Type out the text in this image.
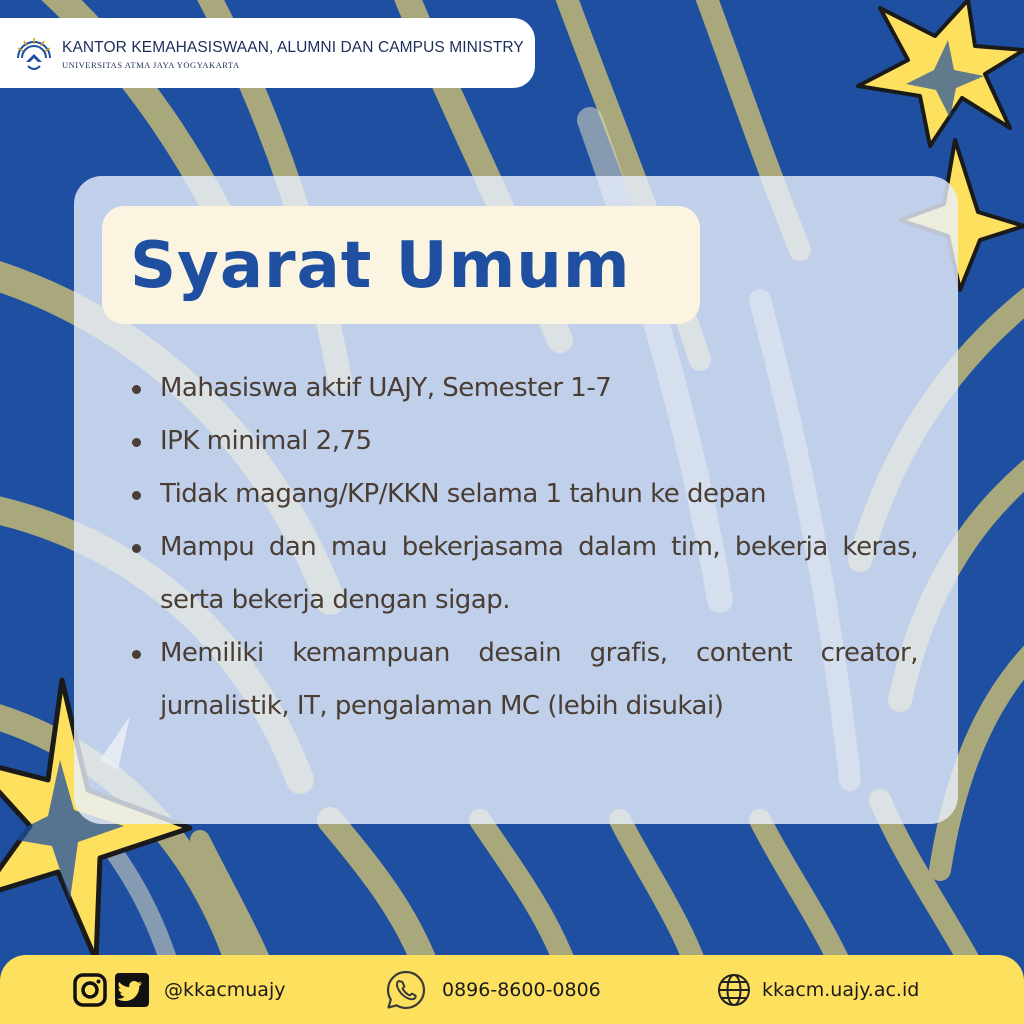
KANTOR KEMAHASISWAAN, ALUMNI DAN CAMPUS MINISTRY
UNIVERSITAS ATMA JAYA YOGYAKARTA
Syarat Umum
Mahasiswa aktif UAJY, Semester 1-7
IPK minimal 2,75
Tidak magang/KP/KKN selama 1 tahun ke depan
Mampu dan mau bekerjasama dalam tim, bekerja keras, serta bekerja dengan sigap.
Memiliki kemampuan desain grafis, content creator, jurnalistik, IT, pengalaman MC (lebih disukai)
@kkacmuajy	0896-8600-0806	kkacm.uajy.ac.id
